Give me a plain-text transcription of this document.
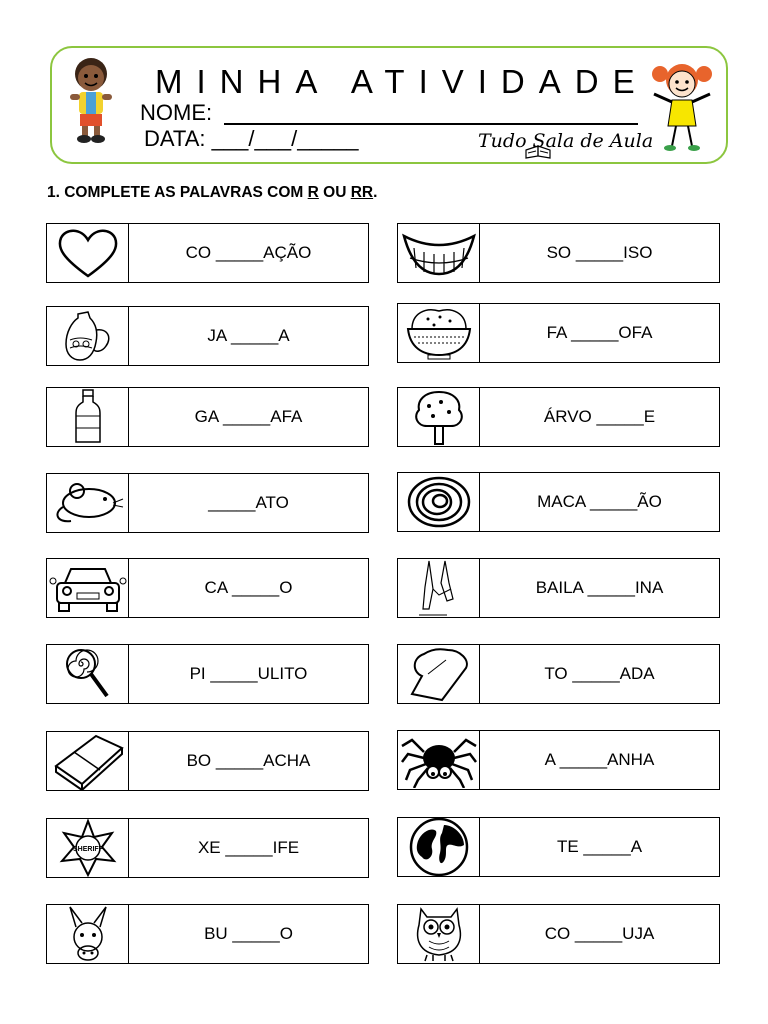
MINHA ATIVIDADE
NOME:
DATA: ___/___/_____	Tudo Sala de Aula
1. COMPLETE AS PALAVRAS COM R OU RR.
CO _____AÇÃO
JA _____A
GA _____AFA
_____ATO
CA _____O
PI _____ULITO
BO _____ACHA
SHERIFF	XE _____IFE
BU _____O
SO _____ISO
FA _____OFA
ÁRVO _____E
MACA _____ÃO
BAILA _____INA
TO _____ADA
A _____ANHA
TE _____A
CO _____UJA
